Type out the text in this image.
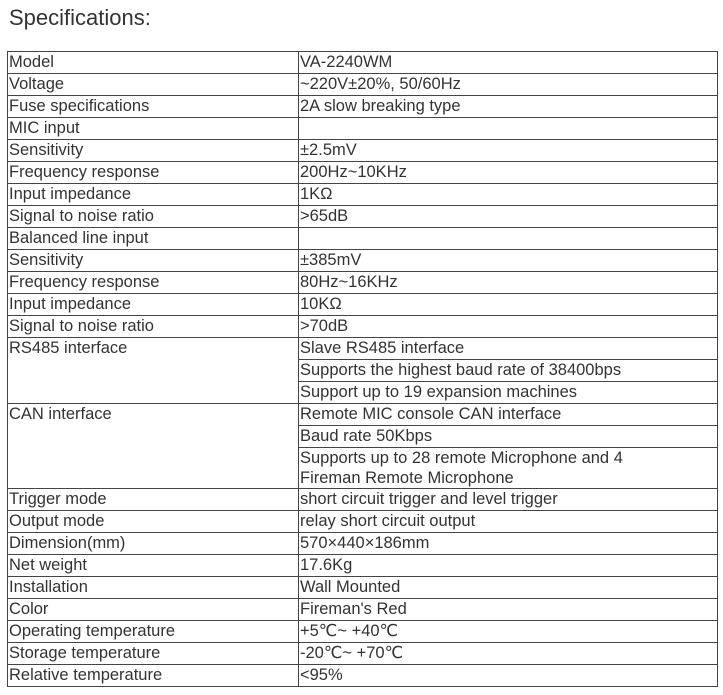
Specifications:
Model	VA-2240WM
Voltage	~220V±20%, 50/60Hz
Fuse specifications	2A slow breaking type
MIC input	
Sensitivity	±2.5mV
Frequency response	200Hz~10KHz
Input impedance	1KΩ
Signal to noise ratio	>65dB
Balanced line input	
Sensitivity	±385mV
Frequency response	80Hz~16KHz
Input impedance	10KΩ
Signal to noise ratio	>70dB
RS485 interface	Slave RS485 interface
	Supports the highest baud rate of 38400bps
	Support up to 19 expansion machines
CAN interface	Remote MIC console CAN interface
	Baud rate 50Kbps

	Supports up to 28 remote Microphone and 4
Fireman Remote Microphone

Trigger mode	short circuit trigger and level trigger
Output mode	relay short circuit output
Dimension(mm)	570×440×186mm
Net weight	17.6Kg
Installation	Wall Mounted
Color	Fireman's Red
Operating temperature	+5℃~ +40℃
Storage temperature	-20℃~ +70℃
Relative temperature	<95%
